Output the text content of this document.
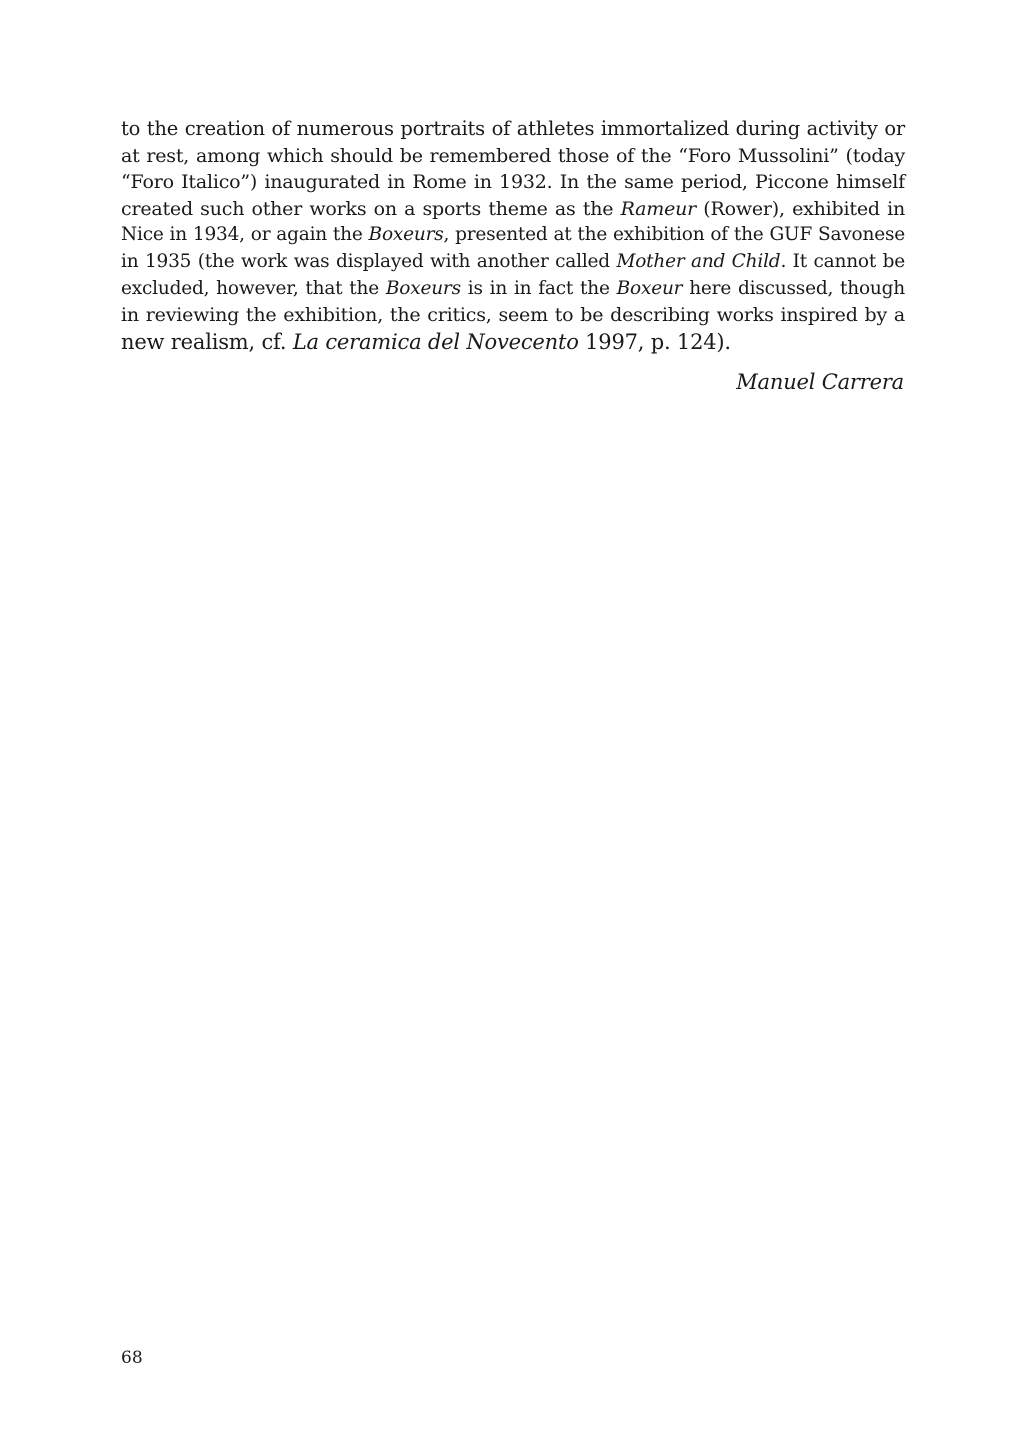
to the creation of numerous portraits of athletes immortalized during activity or
at rest, among which should be remembered those of the “Foro Mussolini” (today
“Foro Italico”) inaugurated in Rome in 1932. In the same period, Piccone himself
created such other works on a sports theme as the Rameur (Rower), exhibited in
Nice in 1934, or again the Boxeurs, presented at the exhibition of the GUF Savonese
in 1935 (the work was displayed with another called Mother and Child. It cannot be
excluded, however, that the Boxeurs is in in fact the Boxeur here discussed, though
in reviewing the exhibition, the critics, seem to be describing works inspired by a
new realism, cf. La ceramica del Novecento 1997, p. 124).
Manuel Carrera
68
